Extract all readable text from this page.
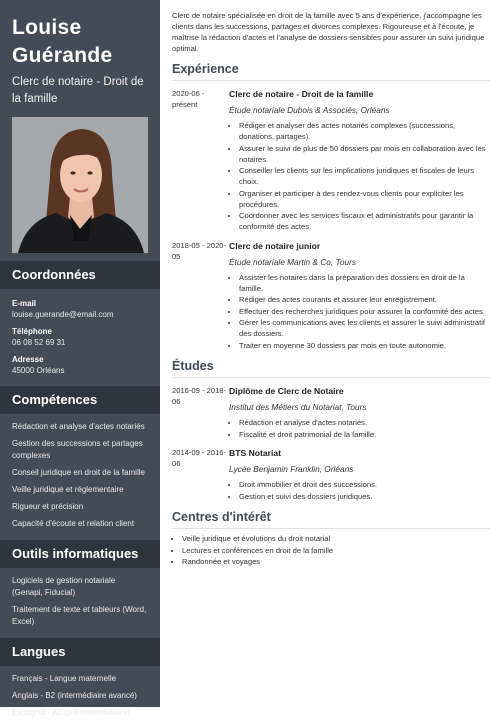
Louise
Guérande
Clerc de notaire - Droit de la famille
Coordonnées
E-mail
louise.guerande@email.com
Téléphone
06 08 52 69 31
Adresse
45000 Orléans
Compétences
Rédaction et analyse d'actes notariés
Gestion des successions et partages complexes
Conseil juridique en droit de la famille
Veille juridique et réglementaire
Rigueur et précision
Capacité d'écoute et relation client
Outils informatiques
Logiciels de gestion notariale (Genapi, Fiducial)
Traitement de texte et tableurs (Word, Excel)
Langues
Français - Langue maternelle
Anglais - B2 (intermédiaire avancé)
Espagnol - A2 (pré-intermédiaire)
Clerc de notaire spécialisée en droit de la famille avec 5 ans d'expérience, j'accompagne les clients dans les successions, partages et divorces complexes. Rigoureuse et à l'écoute, je maîtrise la rédaction d'actes et l'analyse de dossiers sensibles pour assurer un suivi juridique optimal.
Expérience
2020-06 - présent
Clerc de notaire - Droit de la famille
Étude notariale Dubois & Associés, Orléans
• Rédiger et analyser des actes notariés complexes (successions, donations, partages).
• Assurer le suivi de plus de 50 dossiers par mois en collaboration avec les notaires.
• Conseiller les clients sur les implications juridiques et fiscales de leurs choix.
• Organiser et participer à des rendez-vous clients pour expliciter les procédures.
• Coordonner avec les services fiscaux et administratifs pour garantir la conformité des actes.
2018-05 - 2020-05
Clerc de notaire junior
Étude notariale Martin & Co, Tours
• Assister les notaires dans la préparation des dossiers en droit de la famille.
• Rédiger des actes courants et assurer leur enregistrement.
• Effectuer des recherches juridiques pour assurer la conformité des actes.
• Gérer les communications avec les clients et assurer le suivi administratif des dossiers.
• Traiter en moyenne 30 dossiers par mois en toute autonomie.
Études
2016-09 - 2018-06
Diplôme de Clerc de Notaire
Institut des Métiers du Notariat, Tours
• Rédaction et analyse d'actes notariés.
• Fiscalité et droit patrimonial de la famille.
2014-09 - 2016-06
BTS Notariat
Lycée Benjamin Franklin, Orléans
• Droit immobilier et droit des successions.
• Gestion et suivi des dossiers juridiques.
Centres d'intérêt
• Veille juridique et évolutions du droit notarial
• Lectures et conférences en droit de la famille
• Randonnée et voyages
